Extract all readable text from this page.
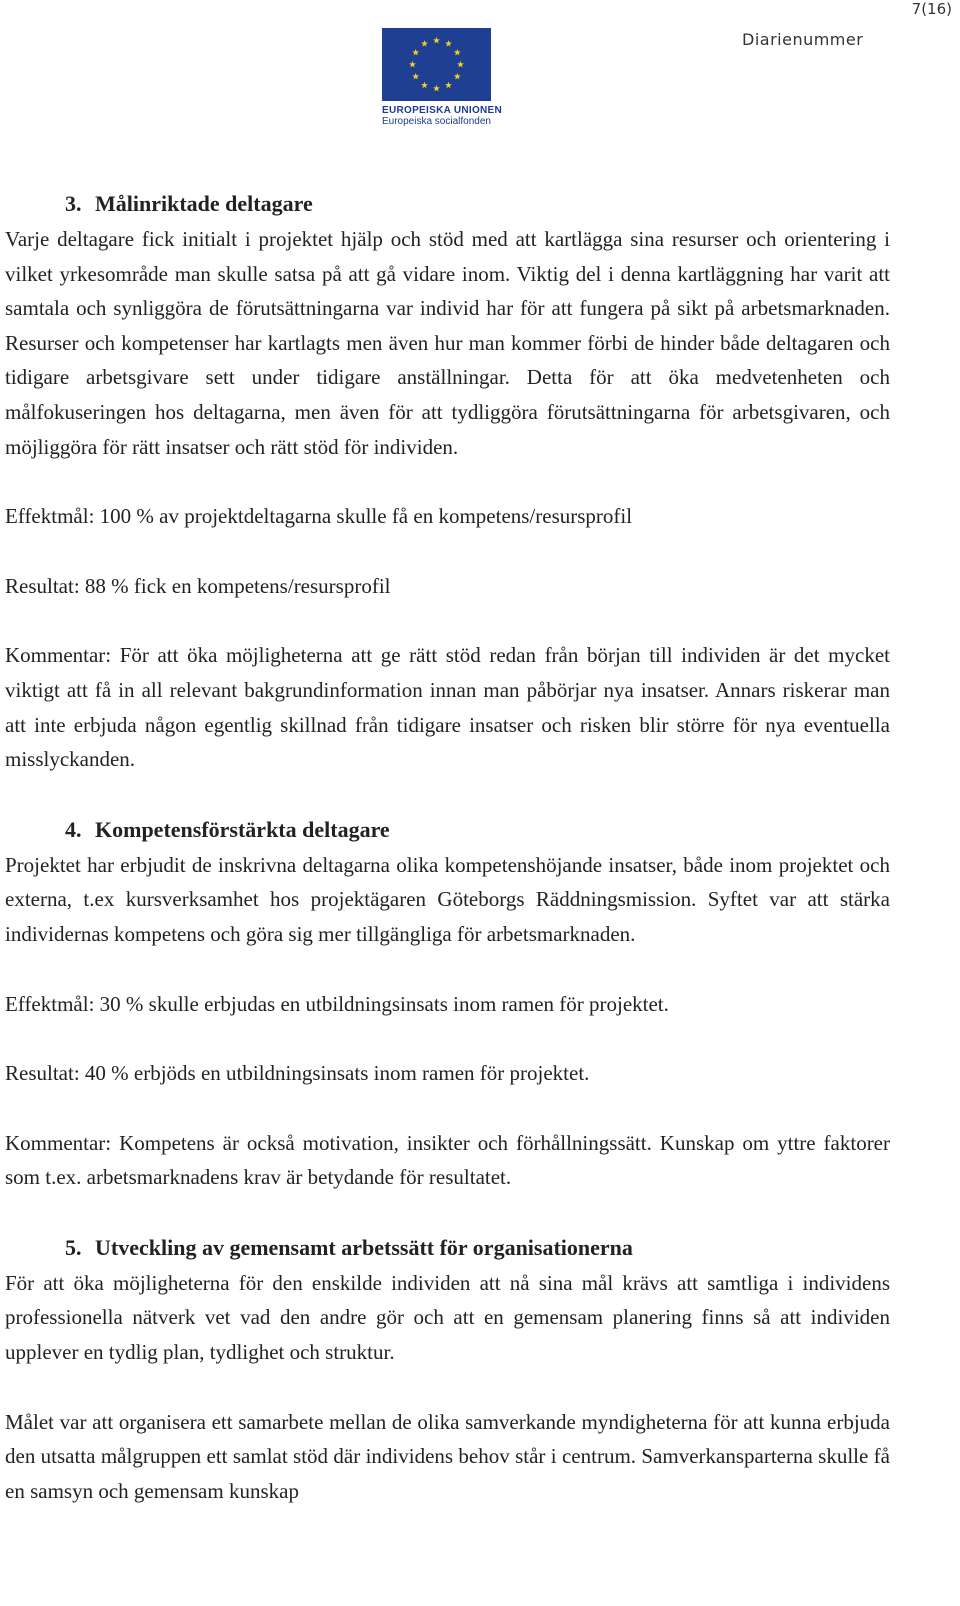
7(16)
Diarienummer
EUROPEISKA UNIONEN
Europeiska socialfonden
3. Målinriktade deltagare

Varje deltagare fick initialt i projektet hjälp och stöd med att kartlägga sina resurser och orientering i vilket yrkesområde man skulle satsa på att gå vidare inom. Viktig del i denna kartläggning har varit att samtala och synliggöra de förutsättningarna var individ har för att fungera på sikt på arbetsmarknaden. Resurser och kompetenser har kartlagts men även hur man kommer förbi de hinder både deltagaren och tidigare arbetsgivare sett under tidigare anställningar. Detta för att öka medvetenheten och målfokuseringen hos deltagarna, men även för att tydliggöra förutsättningarna för arbetsgivaren, och möjliggöra för rätt insatser och rätt stöd för individen.

Effektmål: 100 % av projektdeltagarna skulle få en kompetens/resursprofil

Resultat: 88 % fick en kompetens/resursprofil

Kommentar: För att öka möjligheterna att ge rätt stöd redan från början till individen är det mycket viktigt att få in all relevant bakgrundinformation innan man påbörjar nya insatser. Annars riskerar man att inte erbjuda någon egentlig skillnad från tidigare insatser och risken blir större för nya eventuella misslyckanden.

4. Kompetensförstärkta deltagare

Projektet har erbjudit de inskrivna deltagarna olika kompetenshöjande insatser, både inom projektet och externa, t.ex kursverksamhet hos projektägaren Göteborgs Räddningsmission. Syftet var att stärka individernas kompetens och göra sig mer tillgängliga för arbetsmarknaden.

Effektmål: 30 % skulle erbjudas en utbildningsinsats inom ramen för projektet.

Resultat: 40 % erbjöds en utbildningsinsats inom ramen för projektet.

Kommentar: Kompetens är också motivation, insikter och förhållningssätt. Kunskap om yttre faktorer som t.ex. arbetsmarknadens krav är betydande för resultatet.

5. Utveckling av gemensamt arbetssätt för organisationerna

För att öka möjligheterna för den enskilde individen att nå sina mål krävs att samtliga i individens professionella nätverk vet vad den andre gör och att en gemensam planering finns så att individen upplever en tydlig plan, tydlighet och struktur.

Målet var att organisera ett samarbete mellan de olika samverkande myndigheterna för att kunna erbjuda den utsatta målgruppen ett samlat stöd där individens behov står i centrum. Samverkansparterna skulle få en samsyn och gemensam kunskap
